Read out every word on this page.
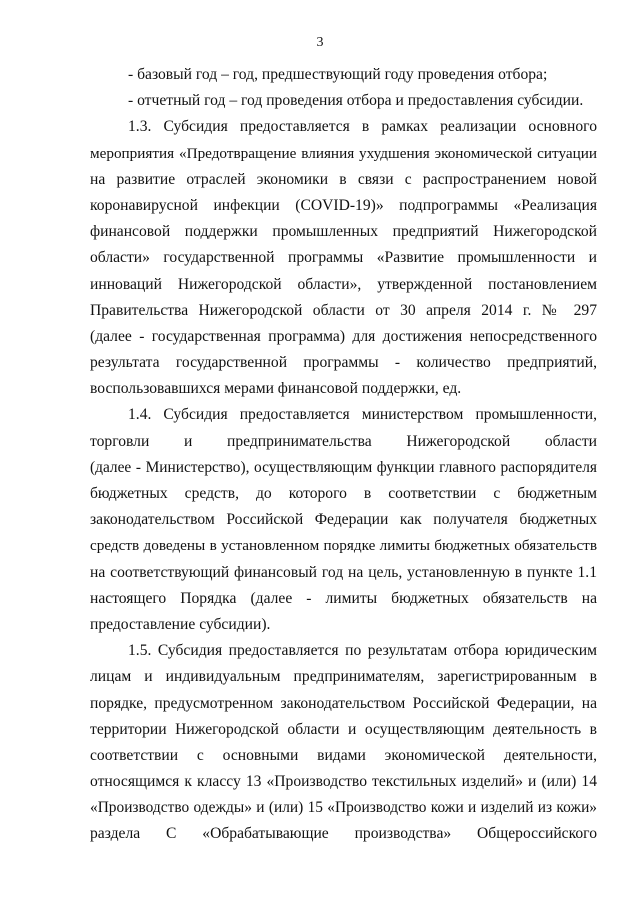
3
- базовый год – год, предшествующий году проведения отбора;
- отчетный год – год проведения отбора и предоставления субсидии.
1.3. Субсидия предоставляется в рамках реализации основного
мероприятия «Предотвращение влияния ухудшения экономической ситуации
на развитие отраслей экономики в связи с распространением новой
коронавирусной инфекции (COVID-19)» подпрограммы «Реализация
финансовой поддержки промышленных предприятий Нижегородской
области» государственной программы «Развитие промышленности и
инноваций Нижегородской области», утвержденной постановлением
Правительства Нижегородской области от 30 апреля 2014 г. № 297
(далее - государственная программа) для достижения непосредственного
результата государственной программы - количество предприятий,
воспользовавшихся мерами финансовой поддержки, ед.
1.4. Субсидия предоставляется министерством промышленности,
торговли и предпринимательства Нижегородской области
(далее - Министерство), осуществляющим функции главного распорядителя
бюджетных средств, до которого в соответствии с бюджетным
законодательством Российской Федерации как получателя бюджетных
средств доведены в установленном порядке лимиты бюджетных обязательств
на соответствующий финансовый год на цель, установленную в пункте 1.1
настоящего Порядка (далее - лимиты бюджетных обязательств на
предоставление субсидии).
1.5. Субсидия предоставляется по результатам отбора юридическим
лицам и индивидуальным предпринимателям, зарегистрированным в
порядке, предусмотренном законодательством Российской Федерации, на
территории Нижегородской области и осуществляющим деятельность в
соответствии с основными видами экономической деятельности,
относящимся к классу 13 «Производство текстильных изделий» и (или) 14
«Производство одежды» и (или) 15 «Производство кожи и изделий из кожи»
раздела С «Обрабатывающие производства» Общероссийского
